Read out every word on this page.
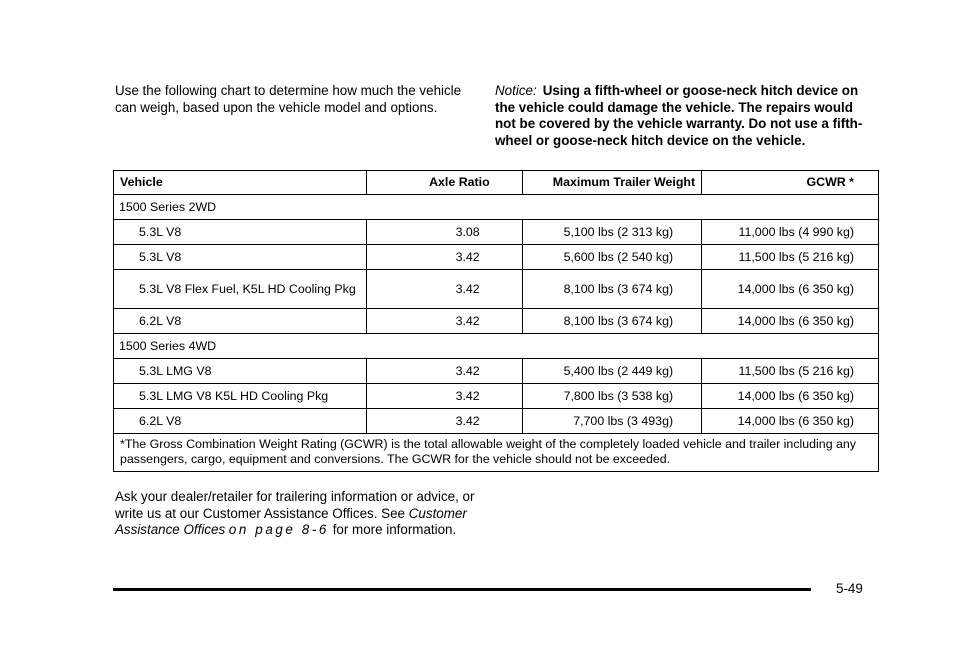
Use the following chart to determine how much the vehicle can weigh, based upon the vehicle model and options.

Notice: Using a fifth-wheel or goose-neck hitch device on the vehicle could damage the vehicle. The repairs would not be covered by the vehicle warranty. Do not use a fifth-wheel or goose-neck hitch device on the vehicle.

Vehicle	Axle Ratio	Maximum Trailer Weight	GCWR *
1500 Series 2WD			
5.3L V8	3.08	5,100 lbs (2 313 kg)	11,000 lbs (4 990 kg)
5.3L V8	3.42	5,600 lbs (2 540 kg)	11,500 lbs (5 216 kg)
5.3L V8 Flex Fuel, K5L HD Cooling Pkg	3.42	8,100 lbs (3 674 kg)	14,000 lbs (6 350 kg)
6.2L V8	3.42	8,100 lbs (3 674 kg)	14,000 lbs (6 350 kg)
1500 Series 4WD			
5.3L LMG V8	3.42	5,400 lbs (2 449 kg)	11,500 lbs (5 216 kg)
5.3L LMG V8 K5L HD Cooling Pkg	3.42	7,800 lbs (3 538 kg)	14,000 lbs (6 350 kg)
6.2L V8	3.42	7,700 lbs (3 493g)	14,000 lbs (6 350 kg)
*The Gross Combination Weight Rating (GCWR) is the total allowable weight of the completely loaded vehicle and trailer including any passengers, cargo, equipment and conversions. The GCWR for the vehicle should not be exceeded.			

Ask your dealer/retailer for trailering information or advice, or write us at our Customer Assistance Offices. See Customer Assistance Offices on page 8-6 for more information.

5-49
